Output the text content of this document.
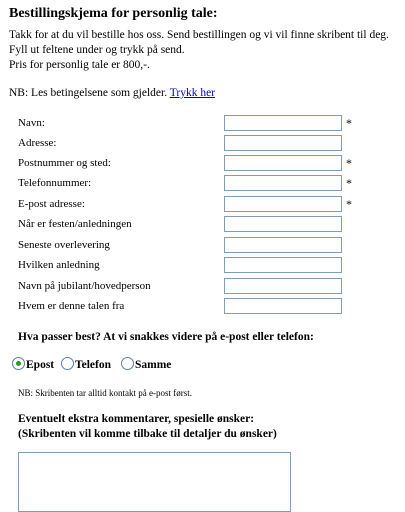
Bestillingskjema for personlig tale:
Takk for at du vil bestille hos oss. Send bestillingen og vi vil finne skribent til deg.
Fyll ut feltene under og trykk på send.
Pris for personlig tale er 800,-.
NB: Les betingelsene som gjelder. Trykk her
Navn:	*
Adresse:
Postnummer og sted:	*
Telefonnummer:	*
E-post adresse:	*
Når er festen/anledningen
Seneste overlevering
Hvilken anledning
Navn på jubilant/hovedperson
Hvem er denne talen fra
Hva passer best? At vi snakkes videre på e-post eller telefon:
Epost Telefon Samme
NB: Skribenten tar alltid kontakt på e-post først.
Eventuelt ekstra kommentarer, spesielle ønsker:
(Skribenten vil komme tilbake til detaljer du ønsker)
